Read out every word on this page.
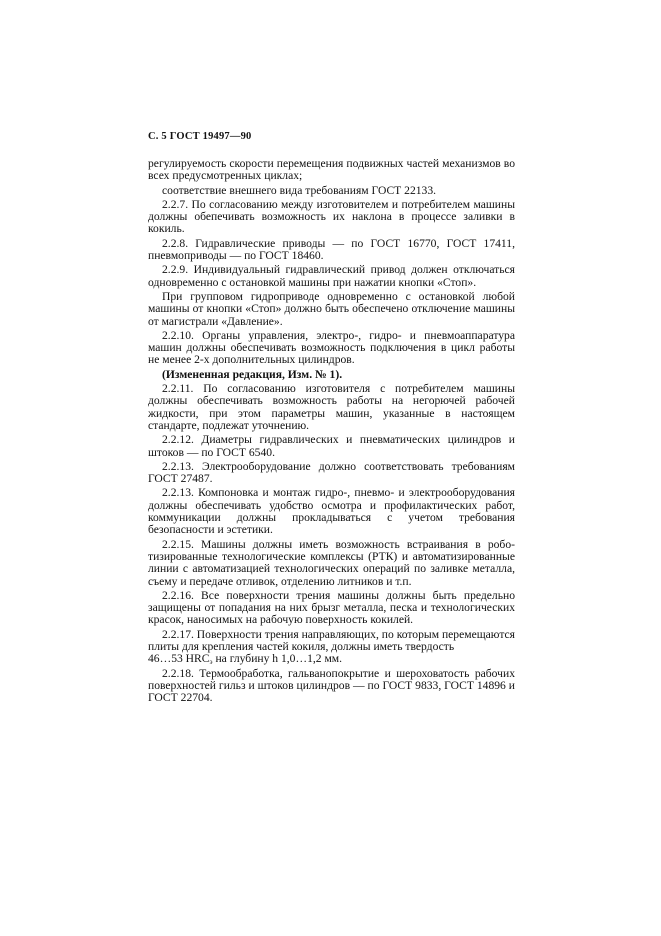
С. 5 ГОСТ 19497—90

регулируемость скорости перемещения подвижных частей механизмов во всех предусмотренных циклах;

соответствие внешнего вида требованиям ГОСТ 22133.

2.2.7. По согласованию между изготовителем и потребителем машины должны обепечивать возможность их наклона в процессе заливки в кокиль.

2.2.8. Гидравлические приводы — по ГОСТ 16770, ГОСТ 17411, пневмоприводы — по ГОСТ 18460.

2.2.9. Индивидуальный гидравлический привод должен отключаться одновременно с остановкой машины при нажатии кнопки «Стоп».

При групповом гидроприводе одновременно с остановкой любой машины от кнопки «Стоп» должно быть обеспечено отключение машины от магистрали «Давление».

2.2.10. Органы управления, электро-, гидро- и пневмоаппаратура машин должны обеспечивать возможность подключения в цикл работы не менее 2-х дополнительных цилиндров.

(Измененная редакция, Изм. № 1).

2.2.11. По согласованию изготовителя с потребителем машины должны обеспечивать возможность работы на негорючей рабочей жидкости, при этом параметры машин, указанные в настоящем стандарте, подлежат уточнению.

2.2.12. Диаметры гидравлических и пневматических цилиндров и штоков — по ГОСТ 6540.

2.2.13. Электрооборудование должно соответствовать требованиям ГОСТ 27487.

2.2.13. Компоновка и монтаж гидро-, пневмо- и электрооборудования должны обеспечивать удобство осмотра и профилактических работ, коммуникации должны прокладываться с учетом требования безопасности и эстетики.

2.2.15. Машины должны иметь возможность встраивания в роботизированные технологические комплексы (РТК) и автоматизированные линии с автоматизацией технологических операций по заливке металла, съему и передаче отливок, отделению литников и т.п.

2.2.16. Все поверхности трения машины должны быть предельно защищены от попадания на них брызг металла, песка и технологических красок, наносимых на рабочую поверхность кокилей.

2.2.17. Поверхности трения направляющих, по которым перемещаются плиты для крепления частей кокиля, должны иметь твердость

46…53 $HRC_э$ на глубину h 1,0…1,2 мм.

2.2.18. Термообработка, гальванопокрытие и шероховатость рабочих поверхностей гильз и штоков цилиндров — по ГОСТ 9833, ГОСТ 14896 и ГОСТ 22704.
